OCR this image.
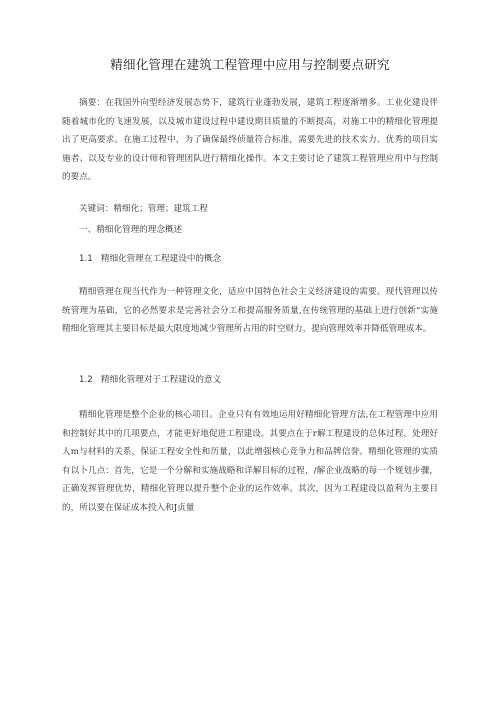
精细化管理在建筑工程管理中应用与控制要点研究
摘要：在我国外向型经济发展态势下，建筑行业蓬勃发展，建筑工程逐渐增多。工业化建设伴随着城市化的飞速发展，以及城市建设过程中建设期目质量的不断提高，对施工中的精细化管理提出了更高要求。在施工过程中，为了确保最终侦量符合标准，需要先进的技术实力、优秀的项目实施者、以及专业的设计师和管理团队进行精细化操作。本文主要讨论了建筑工程管理应用中与控制的要点。
关键词：精细化；管理；建筑工程
一、精细化管理的理念概述
1.1 精细化管理在工程建设中的概念
精细管理在现当代作为一种管理文化，适应中国特色社会主义经济建设的需要。现代管理以传统管理为基础，它的必然要求是完善社会分工和提高服务质量,在传统管理的基础上进行创新“实施精细化管理其主要目标是最大限度地减少管理所占用的时空财力，提向管理效率并降低管理成本。
1.2 精细化管理对于工程建设的意义
精细化管理是整个企业的核心项目。企业只有有效地运用好精细化管理方法,在工程管理中应用和控制好其中的几项要点，才能更好地促进工程建设。其要点在于r解工程建设的总体过程，处理好人m与材料的关系，保证工程安全性和历量，以此增强核心竞争力和品牌信誉。精细化管理的实质有以卜几点：首先，它是一个分解和实施战略和详解目标的过程，/解企业战略的每一个规划步骤，正确发挥管理优势，精细化管理以提升整个企业的运作效率。其次，因为工程建设以盈利为主要目的，所以要在保证成本投入和J贞量
